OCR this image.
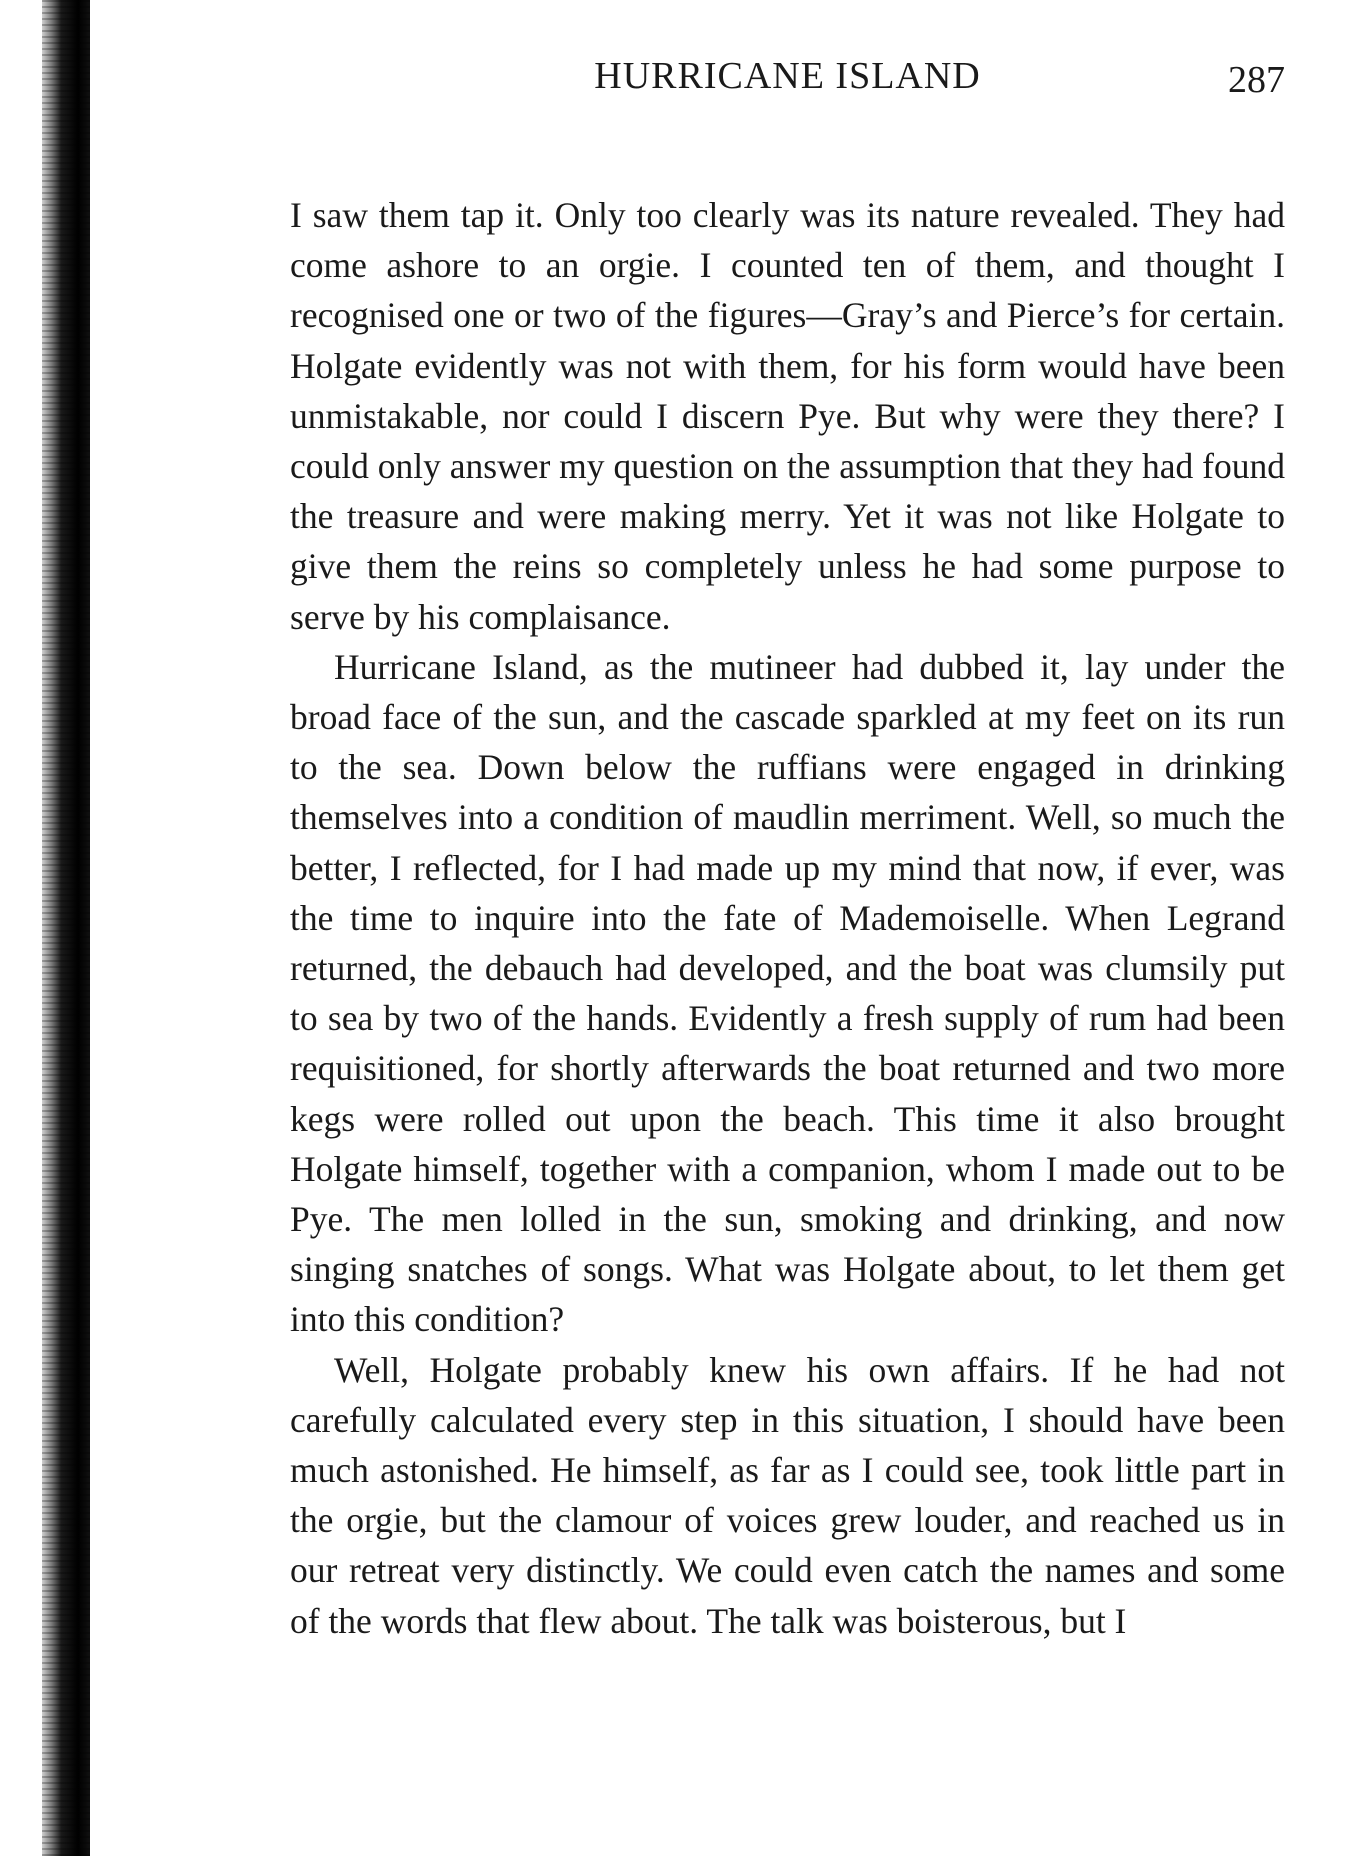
HURRICANE ISLAND	287

I saw them tap it. Only too clearly was its nature revealed. They had come ashore to an orgie. I counted ten of them, and thought I recognised one or two of the figures—Gray’s and Pierce’s for certain. Holgate evidently was not with them, for his form would have been unmistakable, nor could I discern Pye. But why were they there? I could only answer my question on the assumption that they had found the treasure and were making merry. Yet it was not like Holgate to give them the reins so completely unless he had some purpose to serve by his complaisance.

Hurricane Island, as the mutineer had dubbed it, lay under the broad face of the sun, and the cascade sparkled at my feet on its run to the sea. Down below the ruffians were engaged in drinking themselves into a condition of maudlin merriment. Well, so much the better, I reflected, for I had made up my mind that now, if ever, was the time to inquire into the fate of Mademoiselle. When Legrand returned, the debauch had developed, and the boat was clumsily put to sea by two of the hands. Evidently a fresh supply of rum had been requisitioned, for shortly afterwards the boat returned and two more kegs were rolled out upon the beach. This time it also brought Holgate himself, together with a companion, whom I made out to be Pye. The men lolled in the sun, smoking and drinking, and now singing snatches of songs. What was Holgate about, to let them get into this condition?

Well, Holgate probably knew his own affairs. If he had not carefully calculated every step in this situation, I should have been much astonished. He himself, as far as I could see, took little part in the orgie, but the clamour of voices grew louder, and reached us in our retreat very distinctly. We could even catch the names and some of the words that flew about. The talk was boisterous, but I
